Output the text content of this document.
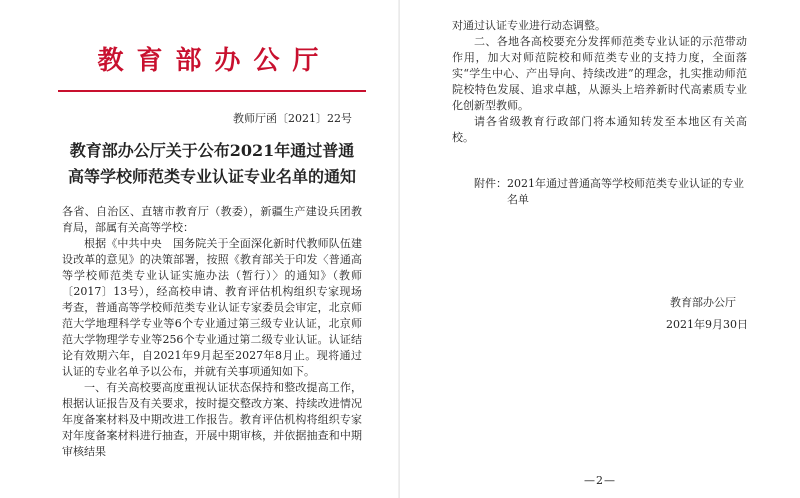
教育部办公厅
教师厅函〔2021〕22号
教育部办公厅关于公布2021年通过普通
高等学校师范类专业认证专业名单的通知

各省、自治区、直辖市教育厅（教委），新疆生产建设兵团教育局，部属有关高等学校：

根据《中共中央　国务院关于全面深化新时代教师队伍建设改革的意见》的决策部署，按照《教育部关于印发〈普通高等学校师范类专业认证实施办法（暂行）〉的通知》（教师〔2017〕13号），经高校申请、教育评估机构组织专家现场考查，普通高等学校师范类专业认证专家委员会审定，北京师范大学地理科学专业等6个专业通过第三级专业认证，北京师范大学物理学专业等256个专业通过第二级专业认证。认证结论有效期六年，自2021年9月起至2027年8月止。现将通过认证的专业名单予以公布，并就有关事项通知如下。

一、有关高校要高度重视认证状态保持和整改提高工作，根据认证报告及有关要求，按时提交整改方案、持续改进情况年度备案材料及中期改进工作报告。教育评估机构将组织专家对年度备案材料进行抽查，开展中期审核，并依据抽查和中期审核结果

对通过认证专业进行动态调整。

二、各地各高校要充分发挥师范类专业认证的示范带动作用，加大对师范院校和师范类专业的支持力度，全面落实“学生中心、产出导向、持续改进”的理念，扎实推动师范院校特色发展、追求卓越，从源头上培养新时代高素质专业化创新型教师。

请各省级教育行政部门将本通知转发至本地区有关高校。

附件： 2021年通过普通高等学校师范类专业认证的专业名单
教育部办公厅
2021年9月30日
—2—
